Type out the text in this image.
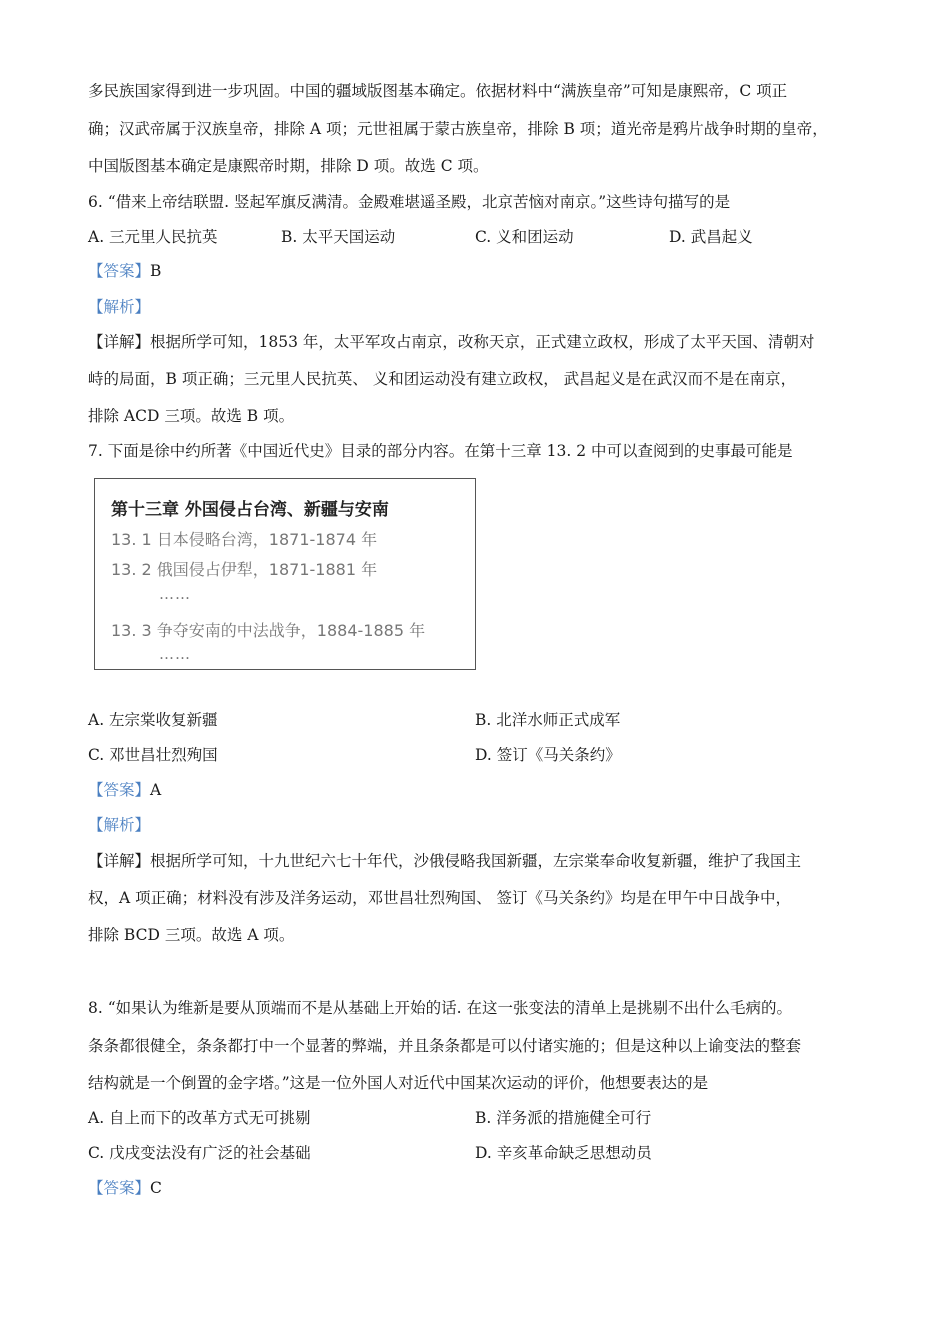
多民族国家得到进一步巩固。中国的疆域版图基本确定。依据材料中“满族皇帝”可知是康熙帝，C 项正
确；汉武帝属于汉族皇帝，排除 A 项；元世祖属于蒙古族皇帝，排除 B 项；道光帝是鸦片战争时期的皇帝，
中国版图基本确定是康熙帝时期，排除 D 项。故选 C 项。
6. “借来上帝结联盟. 竖起军旗反满清。金殿难堪遥圣殿，北京苦恼对南京。”这些诗句描写的是
A. 三元里人民抗英	B. 太平天国运动	C. 义和团运动	D. 武昌起义
【答案】B
【解析】
【详解】根据所学可知，1853 年，太平军攻占南京，改称天京，正式建立政权，形成了太平天国、清朝对
峙的局面，B 项正确；三元里人民抗英、 义和团运动没有建立政权， 武昌起义是在武汉而不是在南京，
排除 ACD 三项。故选 B 项。
7. 下面是徐中约所著《中国近代史》目录的部分内容。在第十三章 13. 2 中可以查阅到的史事最可能是
第十三章 外国侵占台湾、新疆与安南
13. 1 日本侵略台湾，1871-1874 年
13. 2 俄国侵占伊犁，1871-1881 年
……
13. 3 争夺安南的中法战争，1884-1885 年
……
A. 左宗棠收复新疆	B. 北洋水师正式成军
C. 邓世昌壮烈殉国	D. 签订《马关条约》
【答案】A
【解析】
【详解】根据所学可知，十九世纪六七十年代，沙俄侵略我国新疆，左宗棠奉命收复新疆，维护了我国主
权，A 项正确；材料没有涉及洋务运动，邓世昌壮烈殉国、 签订《马关条约》均是在甲午中日战争中，
排除 BCD 三项。故选 A 项。
8. “如果认为维新是要从顶端而不是从基础上开始的话. 在这一张变法的清单上是挑剔不出什么毛病的。
条条都很健全，条条都打中一个显著的弊端，并且条条都是可以付诸实施的；但是这种以上谕变法的整套
结构就是一个倒置的金字塔。”这是一位外国人对近代中国某次运动的评价，他想要表达的是
A. 自上而下的改革方式无可挑剔	B. 洋务派的措施健全可行
C. 戊戌变法没有广泛的社会基础	D. 辛亥革命缺乏思想动员
【答案】C
